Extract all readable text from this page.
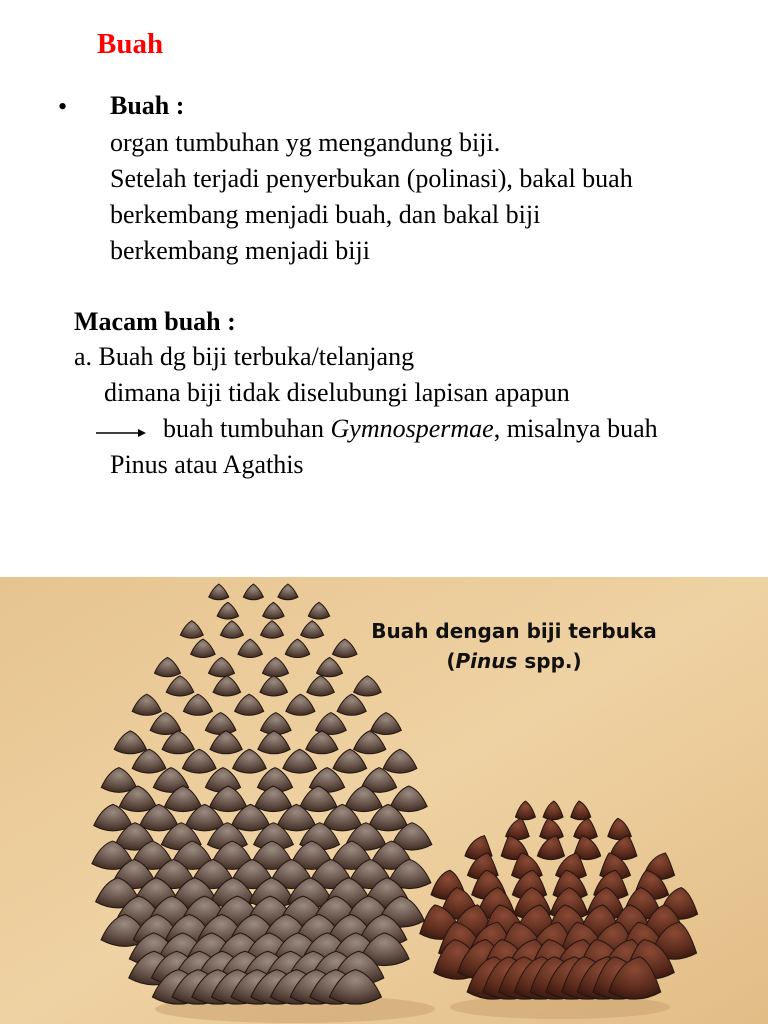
Buah
• Buah :
organ tumbuhan yg mengandung biji.
Setelah terjadi penyerbukan (polinasi), bakal buah
berkembang menjadi buah, dan bakal biji
berkembang menjadi biji
Macam buah :
a. Buah dg biji terbuka/telanjang
dimana biji tidak diselubungi lapisan apapun
buah tumbuhan Gymnospermae, misalnya buah
Pinus atau Agathis
Buah dengan biji terbuka
(Pinus spp.)
